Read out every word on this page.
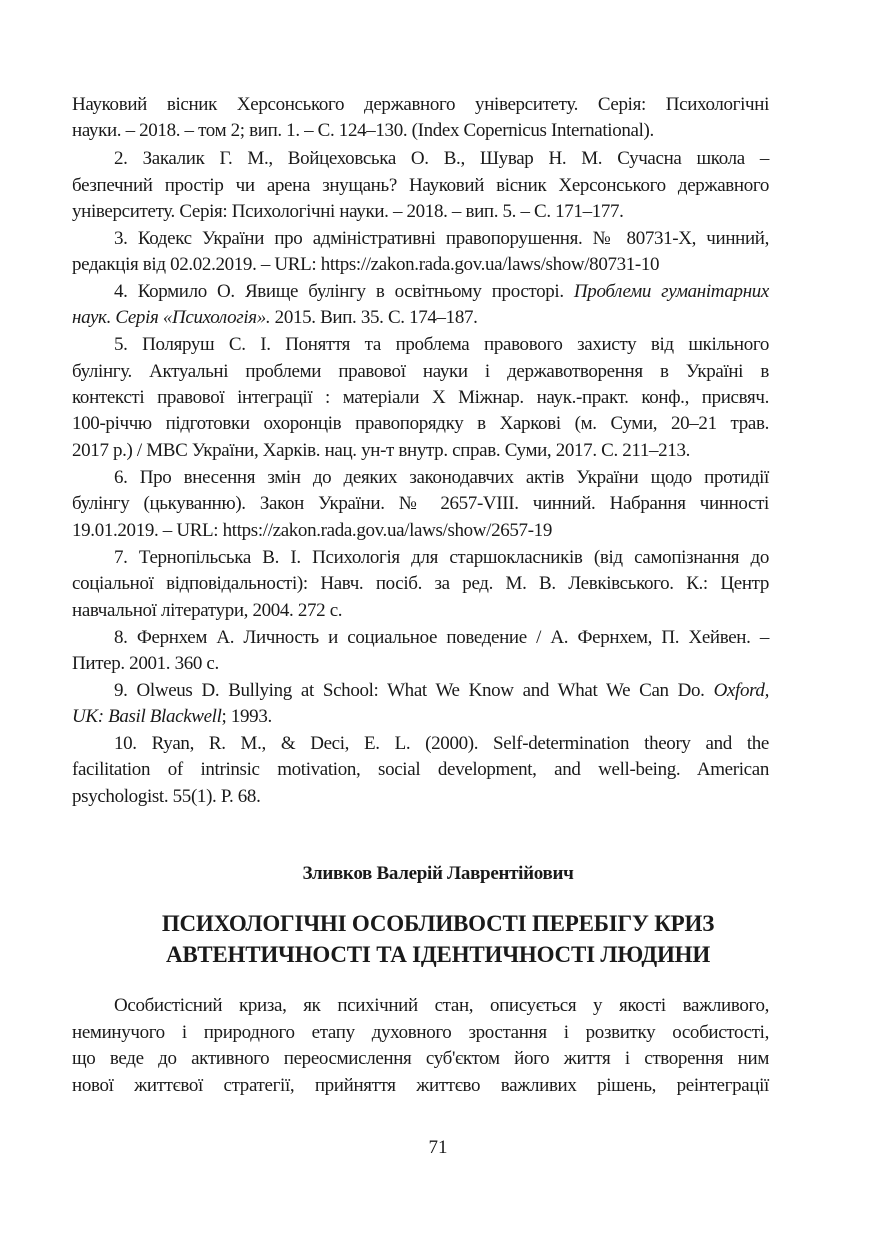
Науковий вісник Херсонського державного університету. Серія: Психологічні
науки. – 2018. – том 2; вип. 1. – С. 124–130. (Index Copernicus International).
2. Закалик Г. М., Войцеховська О. В., Шувар Н. М. Сучасна школа –
безпечний простір чи арена знущань? Науковий вісник Херсонського державного
університету. Серія: Психологічні науки. – 2018. – вип. 5. – С. 171–177.
3. Кодекс України про адміністративні правопорушення. № 80731-X, чинний,
редакція від 02.02.2019. – URL: https://zakon.rada.gov.ua/laws/show/80731-10
4. Кормило О. Явище булінгу в освітньому просторі. Проблеми гуманітарних
наук. Серія «Психологія». 2015. Вип. 35. С. 174–187.
5. Поляруш С. І. Поняття та проблема правового захисту від шкільного
булінгу. Актуальні проблеми правової науки і державотворення в Україні в
контексті правової інтеграції : матеріали X Міжнар. наук.-практ. конф., присвяч.
100-річчю підготовки охоронців правопорядку в Харкові (м. Суми, 20–21 трав.
2017 р.) / МВС України, Харків. нац. ун-т внутр. справ. Суми, 2017. С. 211–213.
6. Про внесення змін до деяких законодавчих актів України щодо протидії
булінгу (цькуванню). Закон України. № 2657-VIII. чинний. Набрання чинності
19.01.2019. – URL: https://zakon.rada.gov.ua/laws/show/2657-19
7. Тернопільська В. І. Психологія для старшокласників (від самопізнання до
соціальної відповідальності): Навч. посіб. за ред. М. В. Левківського. К.: Центр
навчальної літератури, 2004. 272 с.
8. Фернхем А. Личность и социальное поведение / А. Фернхем, П. Хейвен. –
Питер. 2001. 360 с.
9. Olweus D. Bullying at School: What We Know and What We Can Do. Oxford,
UK: Basil Blackwell; 1993.
10. Ryan, R. M., & Deci, E. L. (2000). Self-determination theory and the
facilitation of intrinsic motivation, social development, and well-being. American
psychologist. 55(1). P. 68.
Зливков Валерій Лаврентійович
ПСИХОЛОГІЧНІ ОСОБЛИВОСТІ ПЕРЕБІГУ КРИЗ
АВТЕНТИЧНОСТІ ТА ІДЕНТИЧНОСТІ ЛЮДИНИ
Особистісний криза, як психічний стан, описується у якості важливого,
неминучого і природного етапу духовного зростання і розвитку особистості,
що веде до активного переосмислення суб'єктом його життя і створення ним
нової життєвої стратегії, прийняття життєво важливих рішень, реінтеграції
71
